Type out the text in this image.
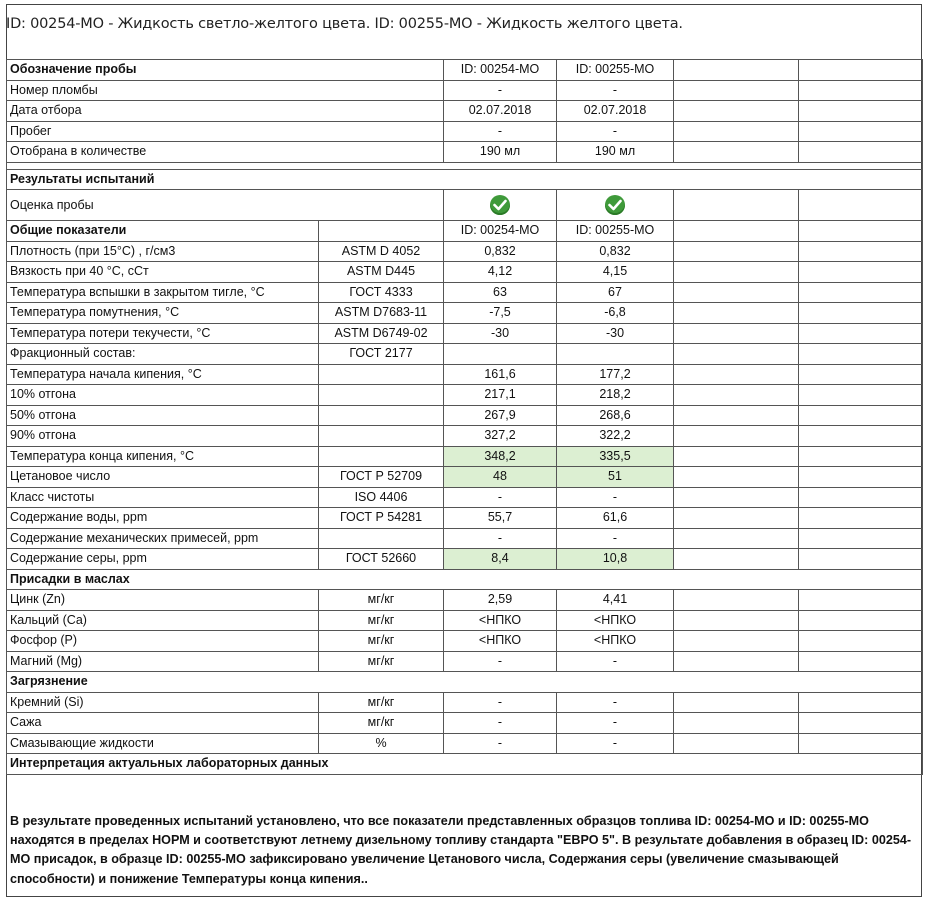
ID: 00254-MO - Жидкость светло-желтого цвета. ID: 00255-MO - Жидкость желтого цвета.
Обозначение пробы		ID: 00254-MO	ID: 00255-MO		
Номер пломбы		-	-		
Дата отбора		02.07.2018	02.07.2018		
Пробег		-	-		
Отобрана в количестве		190 мл	190 мл		

Результаты испытаний					
Оценка пробы	

Общие показатели		ID: 00254-MO	ID: 00255-MO		
Плотность (при 15°С) , г/см3	ASTM D 4052	0,832	0,832		
Вязкость при 40 °С, сСт	ASTM D445	4,12	4,15		
Температура вспышки в закрытом тигле, °С	ГОСТ 4333	63	67		
Температура помутнения, °С	ASTM D7683-11	-7,5	-6,8		
Температура потери текучести, °С	ASTM D6749-02	-30	-30		
Фракционный состав:	ГОСТ 2177				
Температура начала кипения, °С		161,6	177,2		
10% отгона		217,1	218,2		
50% отгона		267,9	268,6		
90% отгона		327,2	322,2		
Температура конца кипения, °С		348,2	335,5		
Цетановое число	ГОСТ Р 52709	48	51		
Класс чистоты	ISO 4406	-	-		
Содержание воды, ppm	ГОСТ Р 54281	55,7	61,6		
Содержание механических примесей, ppm		-	-		
Содержание серы, ppm	ГОСТ 52660	8,4	10,8		
Присадки в маслах					
Цинк (Zn)	мг/кг	2,59	4,41		
Кальций (Ca)	мг/кг	<НПКО	<НПКО		
Фосфор (P)	мг/кг	<НПКО	<НПКО		
Магний (Mg)	мг/кг	-	-		
Загрязнение					
Кремний (Si)	мг/кг	-	-		
Сажа	мг/кг	-	-		
Смазывающие жидкости	%	-	-		
Интерпретация актуальных лабораторных данных					
В результате проведенных испытаний установлено, что все показатели представленных образцов топлива ID: 00254-MO и ID: 00255-MO находятся в пределах НОРМ и соответствуют летнему дизельному топливу стандарта "ЕВРО 5". В результате добавления в образец ID: 00254-MO присадок, в образце ID: 00255-MO зафиксировано увеличение Цетанового числа, Содержания серы (увеличение смазывающей способности) и понижение Температуры конца кипения..
